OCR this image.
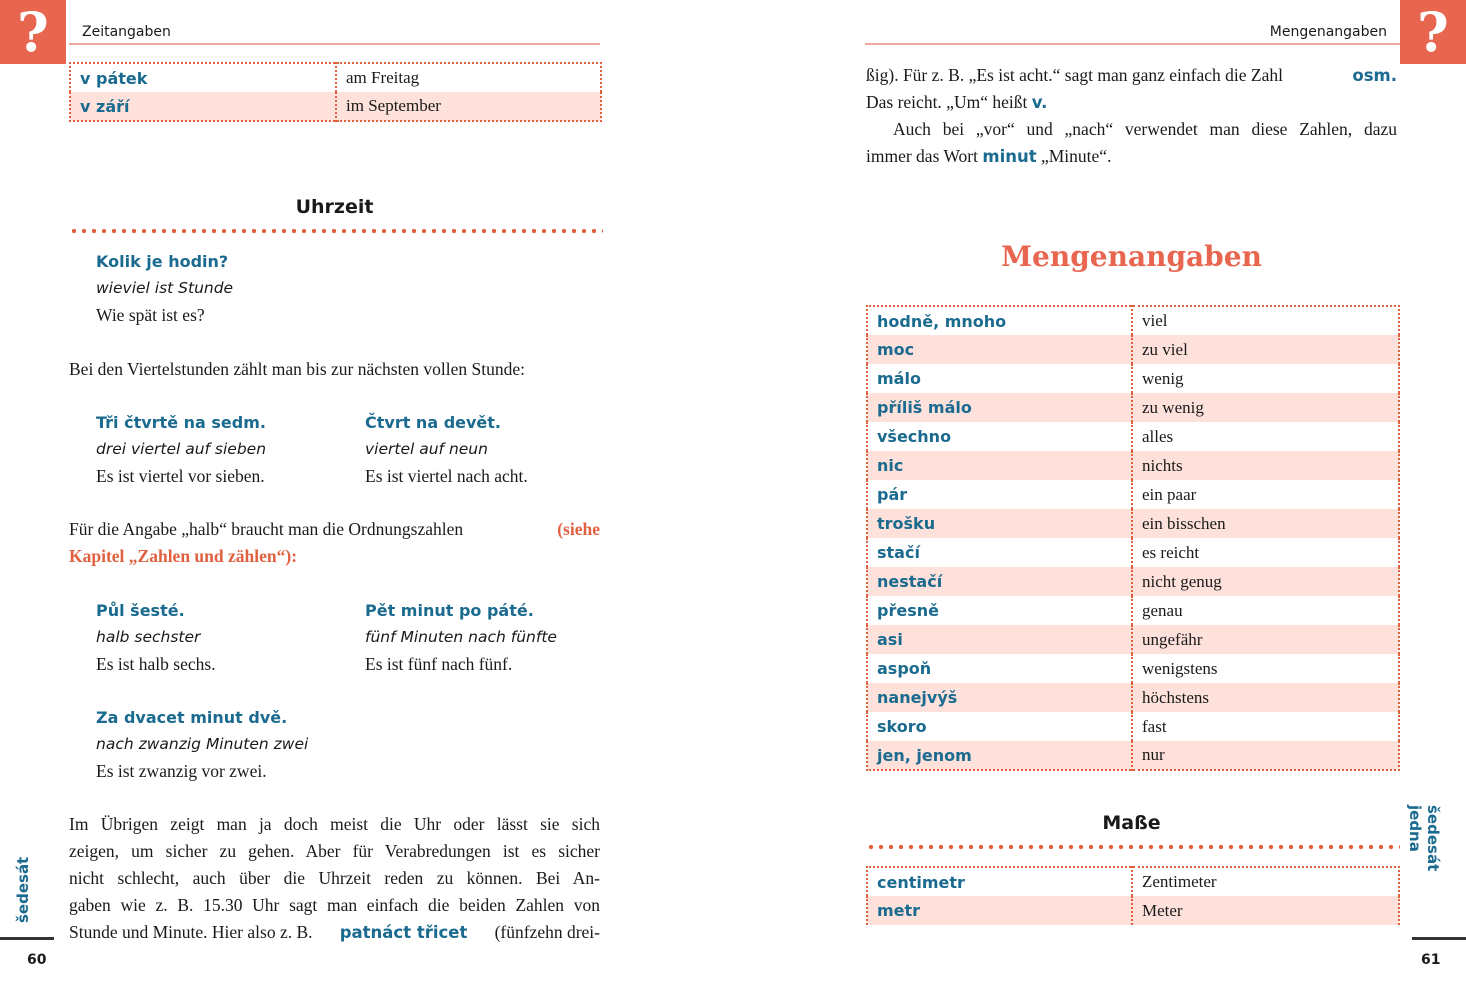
?	Zeitangaben
v pátek	am Freitag
v září	im September
Uhrzeit
Kolik je hodin?
wieviel ist Stunde
Wie spät ist es?
Bei den Viertelstunden zählt man bis zur nächsten vollen Stunde:
Tři čtvrtě na sedm.
drei viertel auf sieben
Es ist viertel vor sieben.
Čtvrt na devět.
viertel auf neun
Es ist viertel nach acht.
Für die Angabe „halb“ braucht man die Ordnungszahlen	(siehe
Kapitel „Zahlen und zählen“):
Půl šesté.
halb sechster
Es ist halb sechs.
Pět minut po páté.
fünf Minuten nach fünfte
Es ist fünf nach fünf.
Za dvacet minut dvě.
nach zwanzig Minuten zwei
Es ist zwanzig vor zwei.
Im Übrigen zeigt man ja doch meist die Uhr oder lässt sie sich
zeigen, um sicher zu gehen. Aber für Verabredungen ist es sicher
nicht schlecht, auch über die Uhrzeit reden zu können. Bei An-
gaben wie z. B. 15.30 Uhr sagt man einfach die beiden Zahlen von
Stunde und Minute. Hier also z. B. patnáct třicet (fünfzehn drei-
šedesát
60
?
Mengenangaben
ßig). Für z. B. „Es ist acht.“ sagt man ganz einfach die Zahl	osm.
Das reicht. „Um“ heißt v.
Auch bei „vor“ und „nach“ verwendet man diese Zahlen, dazu
immer das Wort minut „Minute“.
Mengenangaben
hodně, mnoho	viel
moc	zu viel
málo	wenig
příliš málo	zu wenig
všechno	alles
nic	nichts
pár	ein paar
trošku	ein bisschen
stačí	es reicht
nestačí	nicht genug
přesně	genau
asi	ungefähr
aspoň	wenigstens
nanejvýš	höchstens
skoro	fast
jen, jenom	nur
Maße
centimetr	Zentimeter
metr	Meter
šedesát jedna
61
